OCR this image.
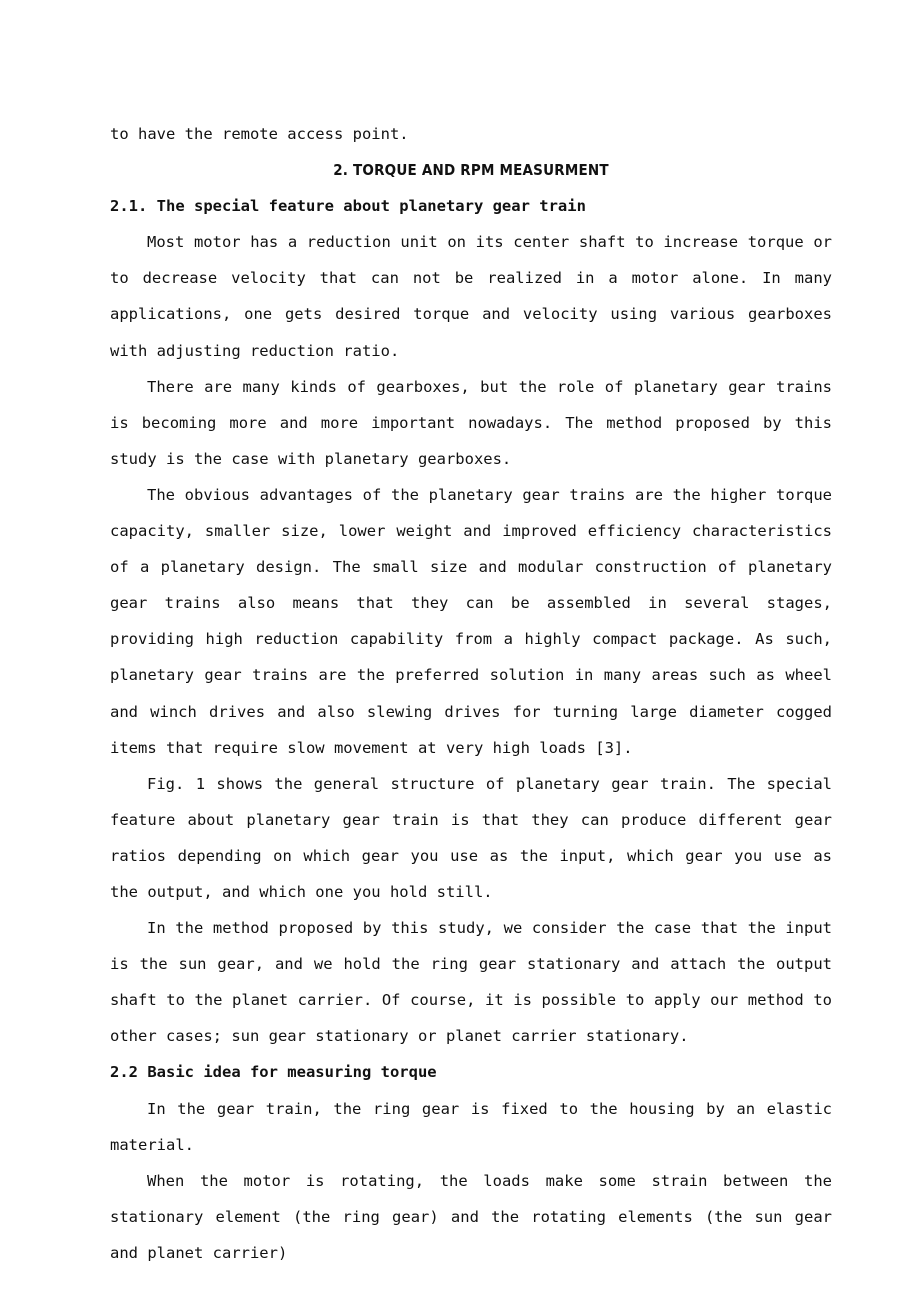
to have the remote access point.
2. TORQUE AND RPM MEASURMENT
2.1. The special feature about planetary gear train
Most motor has a reduction unit on its center shaft to increase torque or to decrease velocity that can not be realized in a motor alone. In many applications, one gets desired torque and velocity using various gearboxes with adjusting reduction ratio.
There are many kinds of gearboxes, but the role of planetary gear trains is becoming more and more important nowadays. The method proposed by this study is the case with planetary gearboxes.
The obvious advantages of the planetary gear trains are the higher torque capacity, smaller size, lower weight and improved efficiency characteristics of a planetary design. The small size and modular construction of planetary gear trains also means that they can be assembled in several stages, providing high reduction capability from a highly compact package. As such, planetary gear trains are the preferred solution in many areas such as wheel and winch drives and also slewing drives for turning large diameter cogged items that require slow movement at very high loads [3].
Fig. 1 shows the general structure of planetary gear train. The special feature about planetary gear train is that they can produce different gear ratios depending on which gear you use as the input, which gear you use as the output, and which one you hold still.
In the method proposed by this study, we consider the case that the input is the sun gear, and we hold the ring gear stationary and attach the output shaft to the planet carrier. Of course, it is possible to apply our method to other cases; sun gear stationary or planet carrier stationary.
2.2 Basic idea for measuring torque
In the gear train, the ring gear is fixed to the housing by an elastic material.
When the motor is rotating, the loads make some strain between the stationary element (the ring gear) and the rotating elements (the sun gear and planet carrier)
